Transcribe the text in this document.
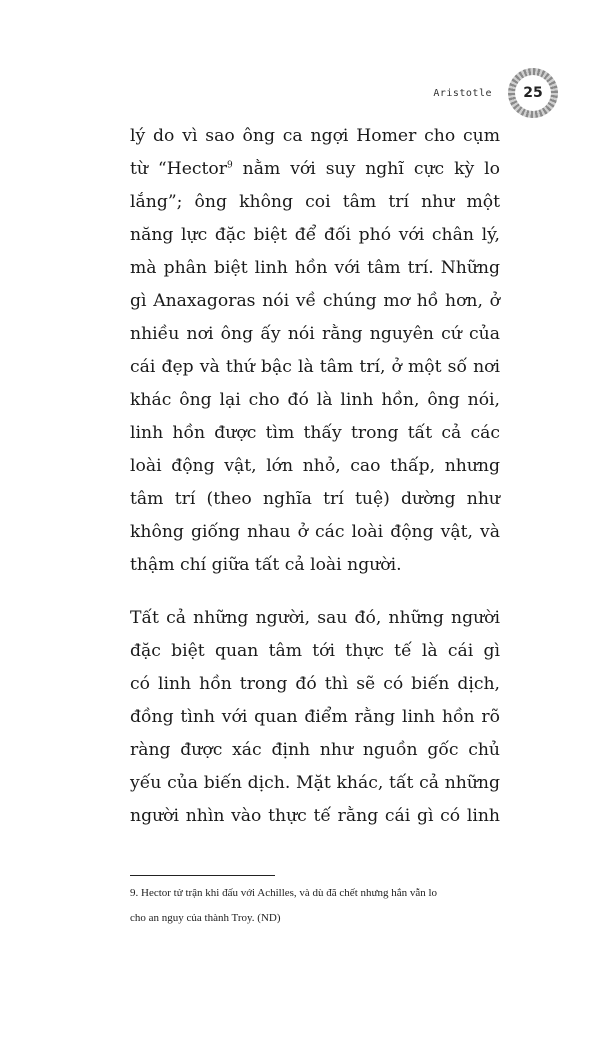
Aristotle	25

lý do vì sao ông ca ngợi Homer cho cụm
từ “Hector$^9$ nằm với suy nghĩ cực kỳ lo
lắng”; ông không coi tâm trí như một
năng lực đặc biệt để đối phó với chân lý,
mà phân biệt linh hồn với tâm trí. Những
gì Anaxagoras nói về chúng mơ hồ hơn, ở
nhiều nơi ông ấy nói rằng nguyên cứ của
cái đẹp và thứ bậc là tâm trí, ở một số nơi
khác ông lại cho đó là linh hồn, ông nói,
linh hồn được tìm thấy trong tất cả các
loài động vật, lớn nhỏ, cao thấp, nhưng
tâm trí (theo nghĩa trí tuệ) dường như
không giống nhau ở các loài động vật, và
thậm chí giữa tất cả loài người.

Tất cả những người, sau đó, những người
đặc biệt quan tâm tới thực tế là cái gì
có linh hồn trong đó thì sẽ có biến dịch,
đồng tình với quan điểm rằng linh hồn rõ
ràng được xác định như nguồn gốc chủ
yếu của biến dịch. Mặt khác, tất cả những
người nhìn vào thực tế rằng cái gì có linh

9. Hector tử trận khi đấu với Achilles, và dù đã chết nhưng hắn vẫn lo
cho an nguy của thành Troy. (ND)
